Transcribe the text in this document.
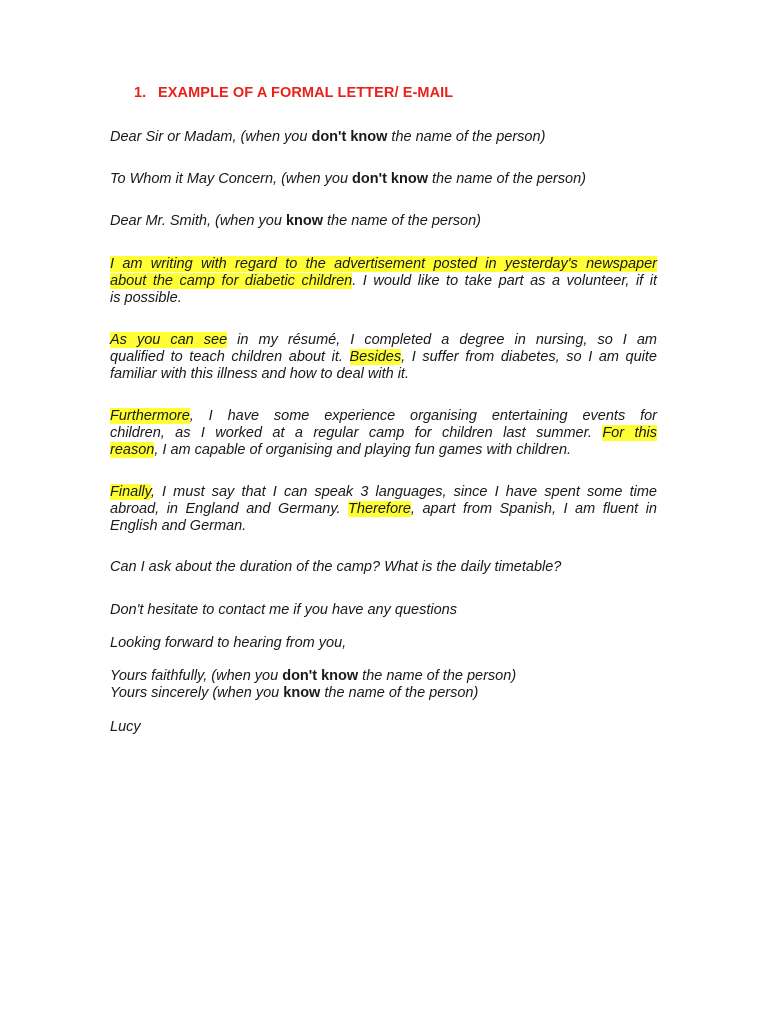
1. EXAMPLE OF A FORMAL LETTER/ E-MAIL
Dear Sir or Madam, (when you don't know the name of the person)
To Whom it May Concern, (when you don't know the name of the person)
Dear Mr. Smith, (when you know the name of the person)
I am writing with regard to the advertisement posted in yesterday's newspaper
about the camp for diabetic children. I would like to take part as a volunteer, if it
is possible.
As you can see in my résumé, I completed a degree in nursing, so I am
qualified to teach children about it. Besides, I suffer from diabetes, so I am quite
familiar with this illness and how to deal with it.
Furthermore, I have some experience organising entertaining events for
children, as I worked at a regular camp for children last summer. For this
reason, I am capable of organising and playing fun games with children.
Finally, I must say that I can speak 3 languages, since I have spent some time
abroad, in England and Germany. Therefore, apart from Spanish, I am fluent in
English and German.
Can I ask about the duration of the camp? What is the daily timetable?
Don't hesitate to contact me if you have any questions
Looking forward to hearing from you,
Yours faithfully, (when you don't know the name of the person)
Yours sincerely (when you know the name of the person)
Lucy
